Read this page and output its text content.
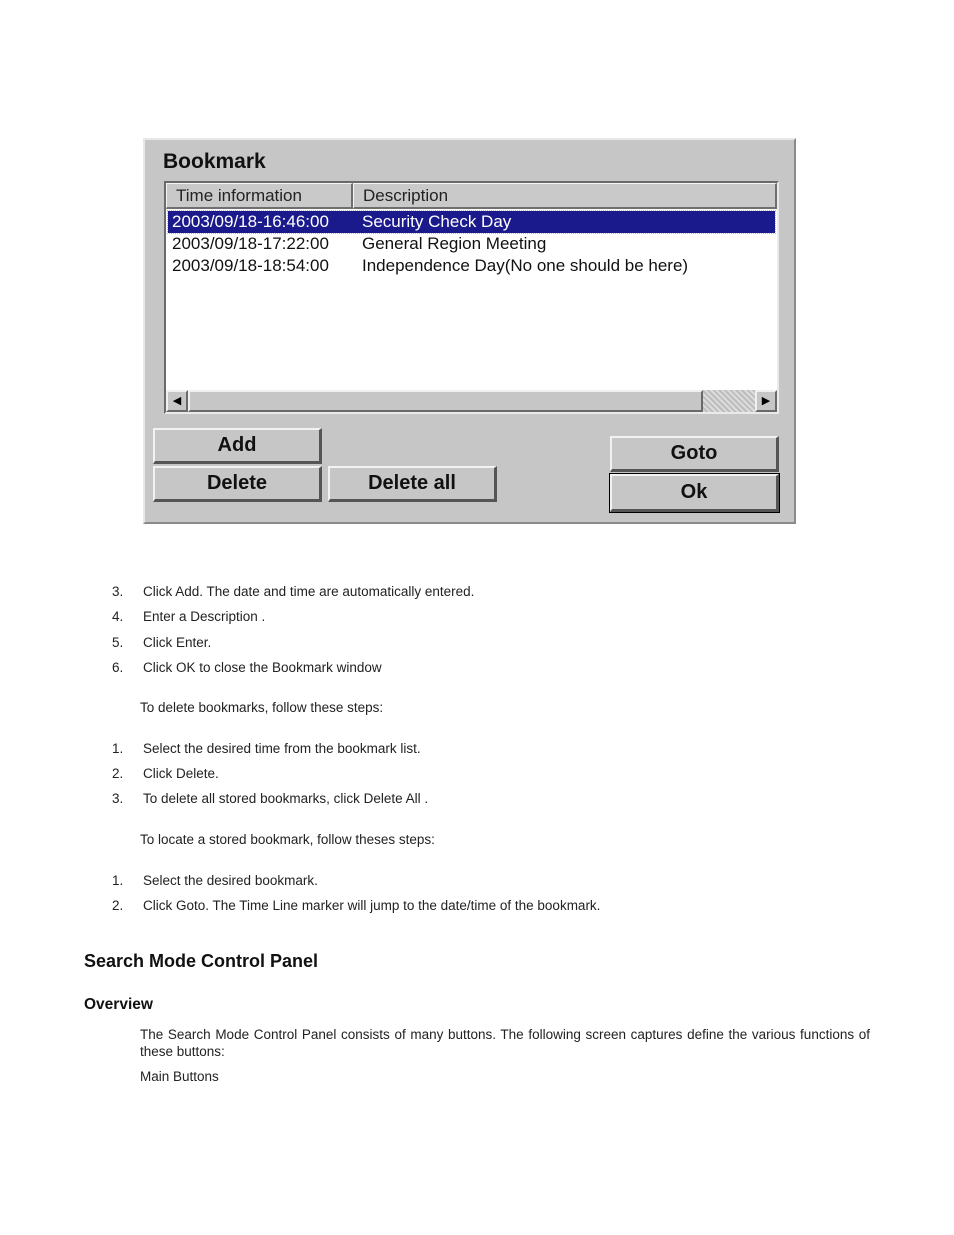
Bookmark
Time information	Description
2003/09/18-16:46:00	Security Check Day
2003/09/18-17:22:00	General Region Meeting
2003/09/18-18:54:00	Independence Day(No one should be here)
◀	▶
Add
Delete	Delete all
Goto
Ok
3.	Click Add. The date and time are automatically entered.
4.	Enter a Description .
5.	Click Enter.
6.	Click OK to close the Bookmark window
To delete bookmarks, follow these steps:
1.	Select the desired time from the bookmark list.
2.	Click Delete.
3.	To delete all stored bookmarks, click Delete All .
To locate a stored bookmark, follow theses steps:
1.	Select the desired bookmark.
2.	Click Goto. The Time Line marker will jump to the date/time of the bookmark.
Search Mode Control Panel
Overview
The Search Mode Control Panel consists of many buttons. The following screen captures define the various functions of these buttons:
Main Buttons
